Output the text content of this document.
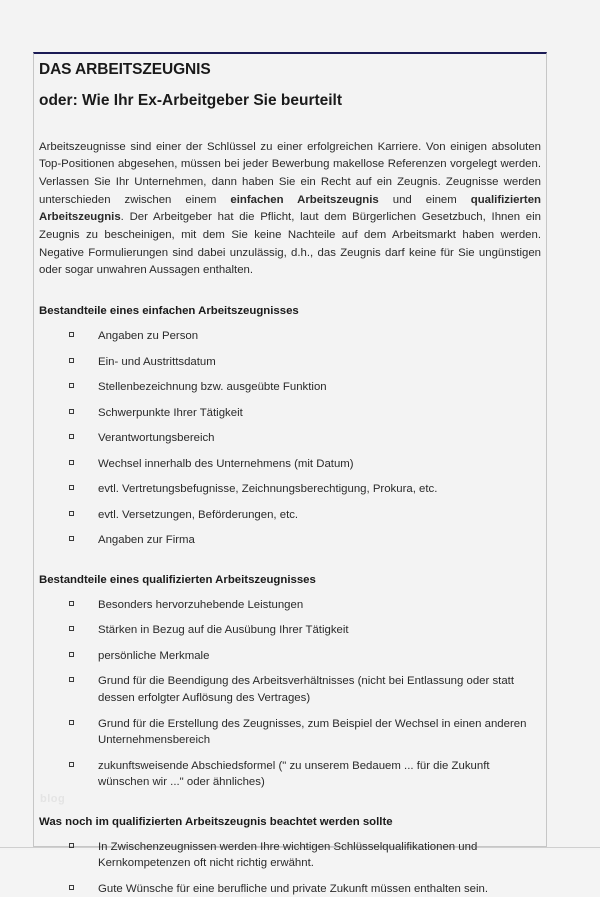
DAS ARBEITSZEUGNIS
oder: Wie Ihr Ex-Arbeitgeber Sie beurteilt

Arbeitszeugnisse sind einer der Schlüssel zu einer erfolgreichen Karriere. Von einigen absoluten Top-Positionen abgesehen, müssen bei jeder Bewerbung makellose Referenzen vorgelegt werden. Verlassen Sie Ihr Unternehmen, dann haben Sie ein Recht auf ein Zeugnis. Zeugnisse werden unterschieden zwischen einem einfachen Arbeitszeugnis und einem qualifizierten Arbeitszeugnis. Der Arbeitgeber hat die Pflicht, laut dem Bürgerlichen Gesetzbuch, Ihnen ein Zeugnis zu bescheinigen, mit dem Sie keine Nachteile auf dem Arbeitsmarkt haben werden. Negative Formulierungen sind dabei unzulässig, d.h., das Zeugnis darf keine für Sie ungünstigen oder sogar unwahren Aussagen enthalten.

Bestandteile eines einfachen Arbeitszeugnisses
Angaben zu Person
Ein- und Austrittsdatum
Stellenbezeichnung bzw. ausgeübte Funktion
Schwerpunkte Ihrer Tätigkeit
Verantwortungsbereich
Wechsel innerhalb des Unternehmens (mit Datum)
evtl. Vertretungsbefugnisse, Zeichnungsberechtigung, Prokura, etc.
evtl. Versetzungen, Beförderungen, etc.
Angaben zur Firma
Bestandteile eines qualifizierten Arbeitszeugnisses
Besonders hervorzuhebende Leistungen
Stärken in Bezug auf die Ausübung Ihrer Tätigkeit
persönliche Merkmale
Grund für die Beendigung des Arbeitsverhältnisses (nicht bei Entlassung oder statt dessen erfolgter Auflösung des Vertrages)
Grund für die Erstellung des Zeugnisses, zum Beispiel der Wechsel in einen anderen Unternehmensbereich
zukunftsweisende Abschiedsformel (" zu unserem Bedauem ... für die Zukunft wünschen wir ..." oder ähnliches)
Was noch im qualifizierten Arbeitszeugnis beachtet werden sollte
In Zwischenzeugnissen werden Ihre wichtigen Schlüsselqualifikationen und Kernkompetenzen oft nicht richtig erwähnt.
Gute Wünsche für eine berufliche und private Zukunft müssen enthalten sein.
blog
